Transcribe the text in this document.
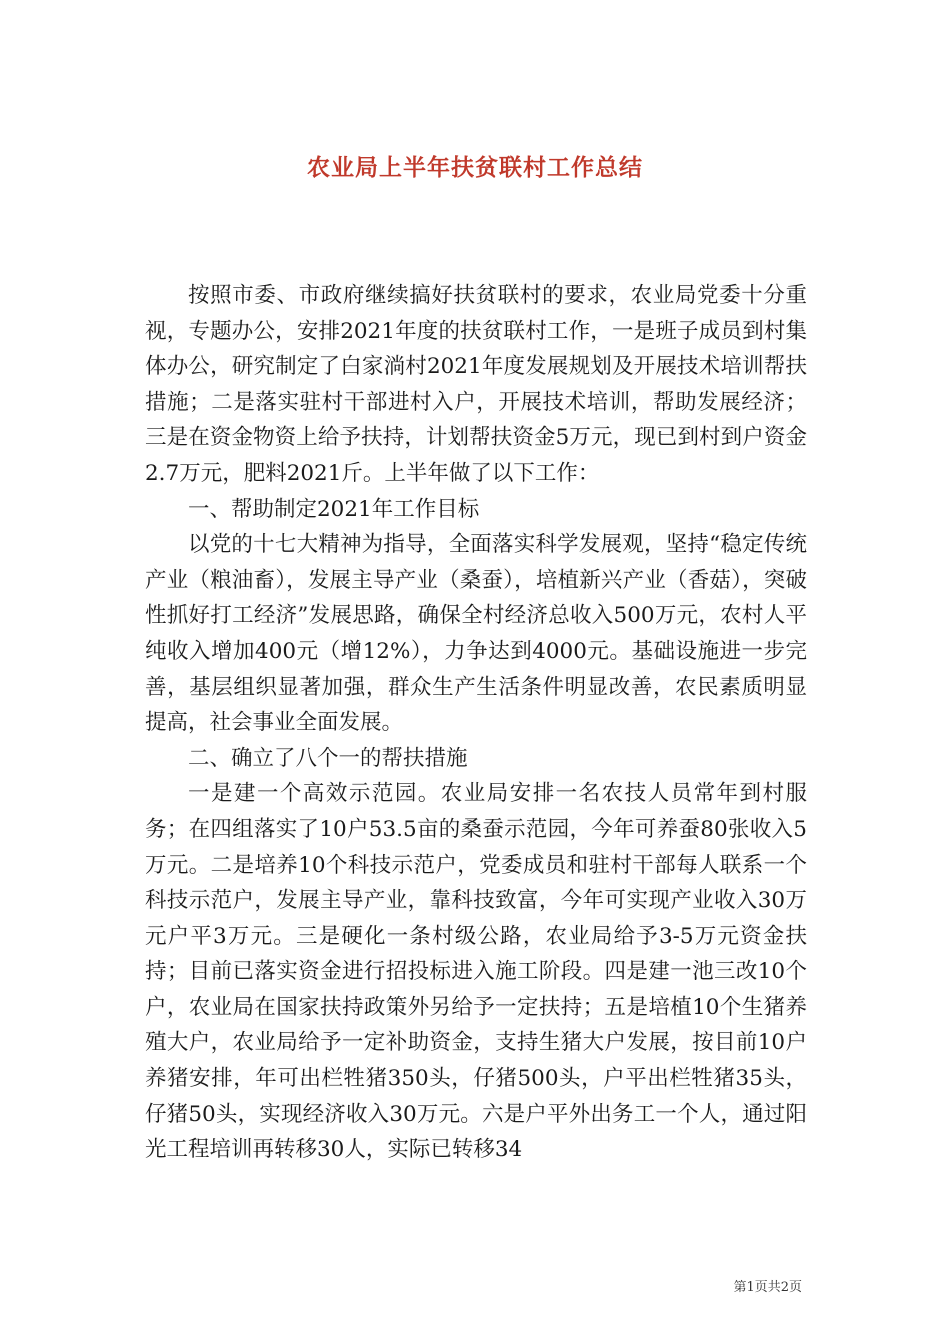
农业局上半年扶贫联村工作总结

按照市委、市政府继续搞好扶贫联村的要求，农业局党委十分重视，专题办公，安排2021年度的扶贫联村工作，一是班子成员到村集体办公，研究制定了白家淌村2021年度发展规划及开展技术培训帮扶措施；二是落实驻村干部进村入户，开展技术培训，帮助发展经济；三是在资金物资上给予扶持，计划帮扶资金5万元，现已到村到户资金2.7万元，肥料2021斤。上半年做了以下工作：

一、帮助制定2021年工作目标

以党的十七大精神为指导，全面落实科学发展观，坚持“稳定传统产业（粮油畜），发展主导产业（桑蚕），培植新兴产业（香菇），突破性抓好打工经济”发展思路，确保全村经济总收入500万元，农村人平纯收入增加400元（增12%），力争达到4000元。基础设施进一步完善，基层组织显著加强，群众生产生活条件明显改善，农民素质明显提高，社会事业全面发展。

二、确立了八个一的帮扶措施

一是建一个高效示范园。农业局安排一名农技人员常年到村服务；在四组落实了10户53.5亩的桑蚕示范园，今年可养蚕80张收入5万元。二是培养10个科技示范户，党委成员和驻村干部每人联系一个科技示范户，发展主导产业，靠科技致富，今年可实现产业收入30万元户平3万元。三是硬化一条村级公路，农业局给予3-5万元资金扶持；目前已落实资金进行招投标进入施工阶段。四是建一池三改10个户，农业局在国家扶持政策外另给予一定扶持；五是培植10个生猪养殖大户，农业局给予一定补助资金，支持生猪大户发展，按目前10户养猪安排，年可出栏牲猪350头，仔猪500头，户平出栏牲猪35头，仔猪50头，实现经济收入30万元。六是户平外出务工一个人，通过阳光工程培训再转移30人，实际已转移34

第1页共2页
